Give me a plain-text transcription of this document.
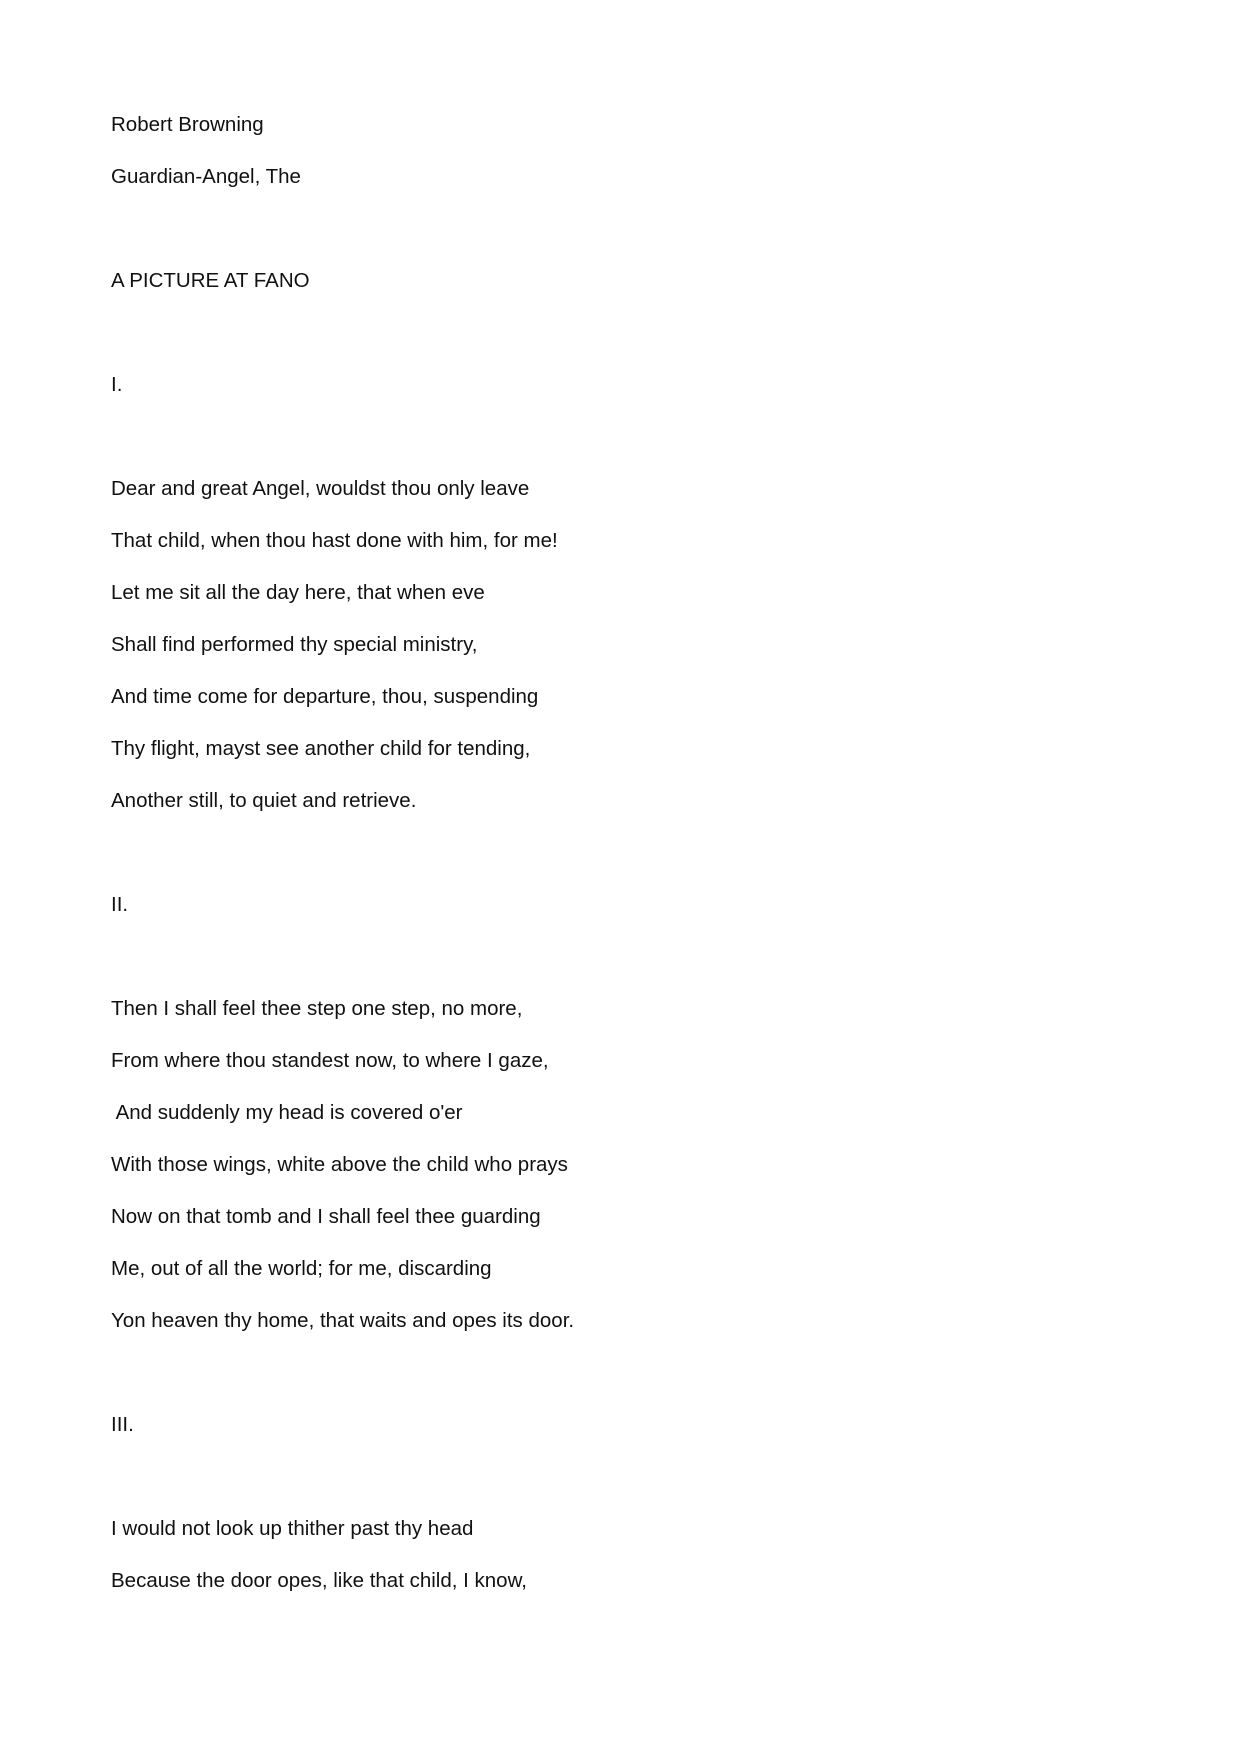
Robert Browning

Guardian-Angel, The

A PICTURE AT FANO

I.

Dear and great Angel, wouldst thou only leave

That child, when thou hast done with him, for me!

Let me sit all the day here, that when eve

Shall find performed thy special ministry,

And time come for departure, thou, suspending

Thy flight, mayst see another child for tending,

Another still, to quiet and retrieve.

II.

Then I shall feel thee step one step, no more,

From where thou standest now, to where I gaze,

And suddenly my head is covered o'er

With those wings, white above the child who prays

Now on that tomb and I shall feel thee guarding

Me, out of all the world; for me, discarding

Yon heaven thy home, that waits and opes its door.

III.

I would not look up thither past thy head

Because the door opes, like that child, I know,
